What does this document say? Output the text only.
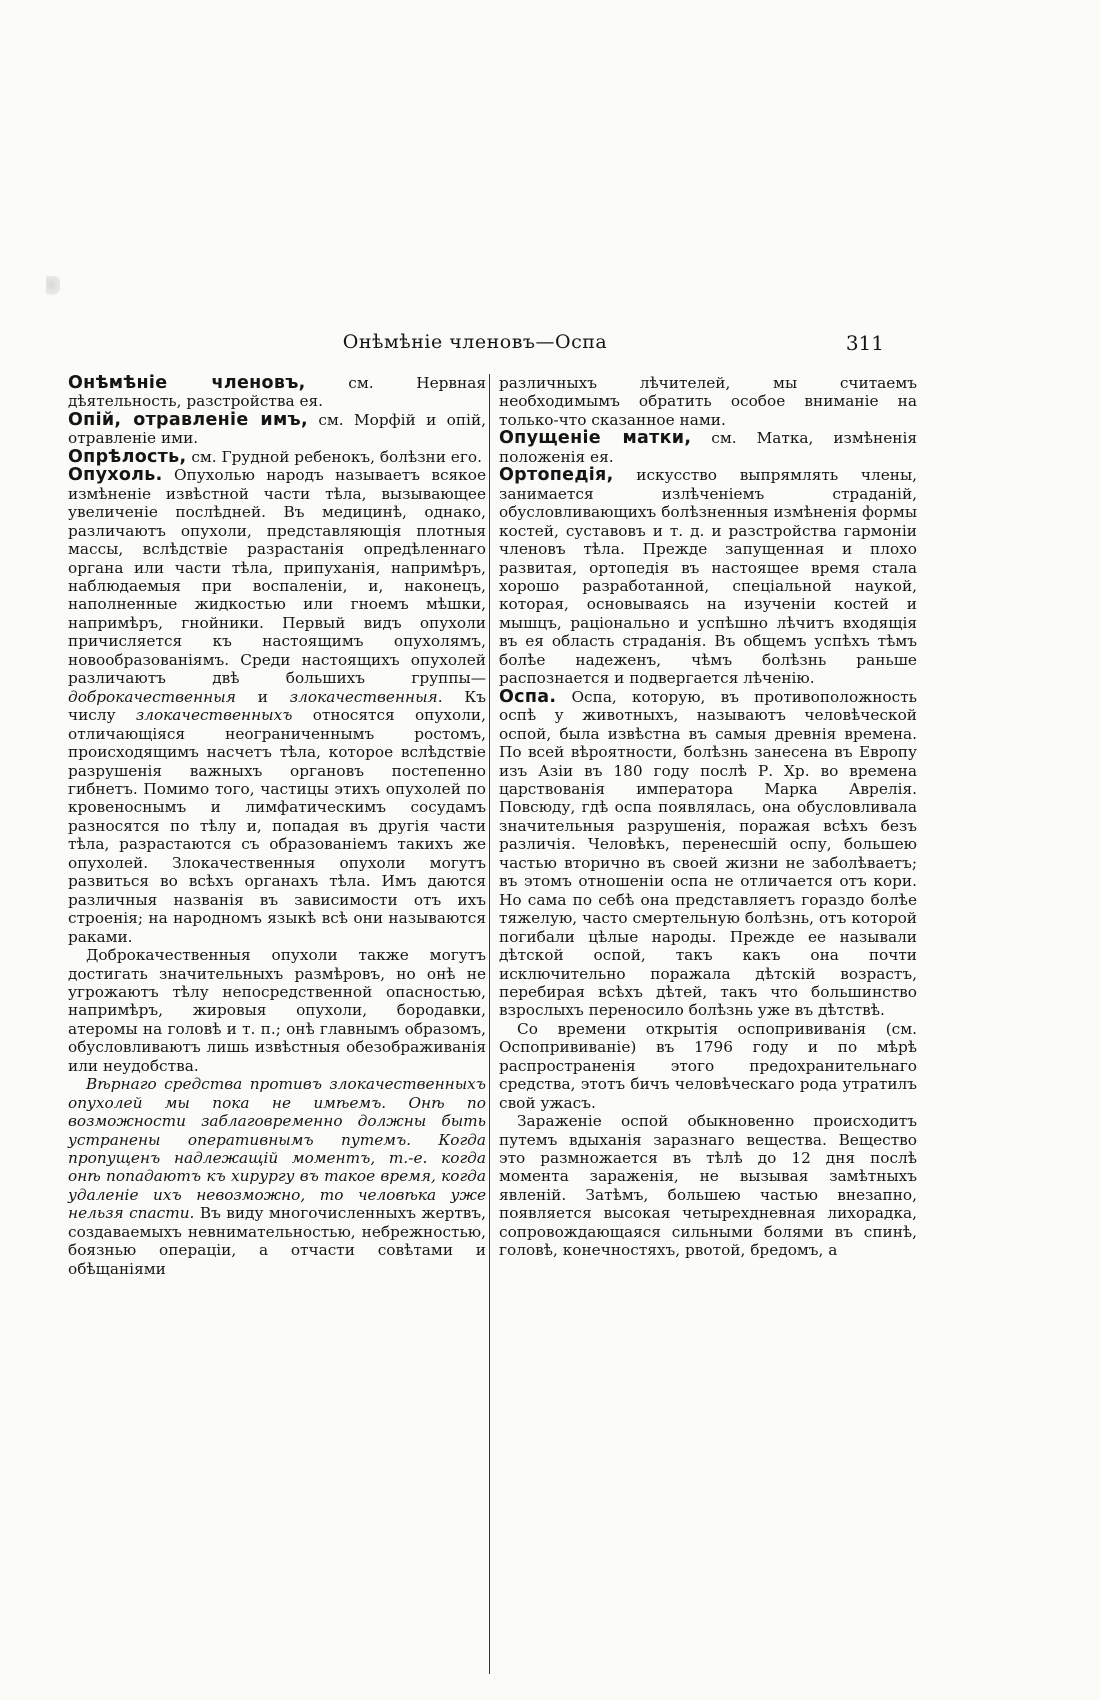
Онѣмѣніе членовъ—Оспа	311

Онѣмѣніе членовъ, см. Нервная дѣятельность, разстройства ея.

Опій, отравленіе имъ, см. Морфій и опій, отравленіе ими.

Опрѣлость, см. Грудной ребенокъ, болѣзни его.

Опухоль. Опухолью народъ называетъ всякое измѣненіе извѣстной части тѣла, вызывающее увеличеніе послѣдней. Въ медицинѣ, однако, различаютъ опухоли, представляющія плотныя массы, вслѣдствіе разрастанія опредѣленнаго органа или части тѣла, припуханія, напримѣръ, наблюдаемыя при воспаленіи, и, наконецъ, наполненные жидкостью или гноемъ мѣшки, напримѣръ, гнойники. Первый видъ опухоли причисляется къ настоящимъ опухолямъ, новообразованіямъ. Среди настоящихъ опухолей различаютъ двѣ большихъ группы—доброкачественныя и злокачественныя. Къ числу злокачественныхъ относятся опухоли, отличающіяся неограниченнымъ ростомъ, происходящимъ насчетъ тѣла, которое вслѣдствіе разрушенія важныхъ органовъ постепенно гибнетъ. Помимо того, частицы этихъ опухолей по кровеноснымъ и лимфатическимъ сосудамъ разносятся по тѣлу и, попадая въ другія части тѣла, разрастаются съ образованіемъ такихъ же опухолей. Злокачественныя опухоли могутъ развиться во всѣхъ органахъ тѣла. Имъ даются различныя названія въ зависимости отъ ихъ строенія; на народномъ языкѣ всѣ они называются раками.

Доброкачественныя опухоли также могутъ достигать значительныхъ размѣровъ, но онѣ не угрожаютъ тѣлу непосредственной опасностью, напримѣръ, жировыя опухоли, бородавки, атеромы на головѣ и т. п.; онѣ главнымъ образомъ, обусловливаютъ лишь извѣстныя обезображиванія или неудобства.

Вѣрнаго средства противъ злокачественныхъ опухолей мы пока не имѣемъ. Онѣ по возможности заблаговременно должны быть устранены оперативнымъ путемъ. Когда пропущенъ надлежащій моментъ, т.-е. когда онѣ попадаютъ къ хирургу въ такое время, когда удаленіе ихъ невозможно, то человѣка уже нельзя спасти. Въ виду многочисленныхъ жертвъ, создаваемыхъ невнимательностью, небрежностью, боязнью операціи, а отчасти совѣтами и обѣщаніями

различныхъ лѣчителей, мы считаемъ необходимымъ обратить особое вниманіе на только-что сказанное нами.

Опущеніе матки, см. Матка, измѣненія положенія ея.

Ортопедія, искусство выпрямлять члены, занимается излѣченіемъ страданій, обусловливающихъ болѣзненныя измѣненія формы костей, суставовъ и т. д. и разстройства гармоніи членовъ тѣла. Прежде запущенная и плохо развитая, ортопедія въ настоящее время стала хорошо разработанной, спеціальной наукой, которая, основываясь на изученіи костей и мышцъ, раціонально и успѣшно лѣчитъ входящія въ ея область страданія. Въ общемъ успѣхъ тѣмъ болѣе надеженъ, чѣмъ болѣзнь раньше распознается и подвергается лѣченію.

Оспа. Оспа, которую, въ противоположность оспѣ у животныхъ, называютъ человѣческой оспой, была извѣстна въ самыя древнія времена. По всей вѣроятности, болѣзнь занесена въ Европу изъ Азіи въ 180 году послѣ Р. Хр. во времена царствованія императора Марка Аврелія. Повсюду, гдѣ оспа появлялась, она обусловливала значительныя разрушенія, поражая всѣхъ безъ различія. Человѣкъ, перенесшій оспу, большею частью вторично въ своей жизни не заболѣваетъ; въ этомъ отношеніи оспа не отличается отъ кори. Но сама по себѣ она представляетъ гораздо болѣе тяжелую, часто смертельную болѣзнь, отъ которой погибали цѣлые народы. Прежде ее называли дѣтской оспой, такъ какъ она почти исключительно поражала дѣтскій возрастъ, перебирая всѣхъ дѣтей, такъ что большинство взрослыхъ переносило болѣзнь уже въ дѣтствѣ.

Со времени открытія оспопрививанія (см. Оспопрививаніе) въ 1796 году и по мѣрѣ распространенія этого предохранительнаго средства, этотъ бичъ человѣческаго рода утратилъ свой ужасъ.

Зараженіе оспой обыкновенно происходитъ путемъ вдыханія заразнаго вещества. Вещество это размножается въ тѣлѣ до 12 дня послѣ момента зараженія, не вызывая замѣтныхъ явленій. Затѣмъ, большею частью внезапно, появляется высокая четырехдневная лихорадка, сопровождающаяся сильными болями въ спинѣ, головѣ, конечностяхъ, рвотой, бредомъ, а
